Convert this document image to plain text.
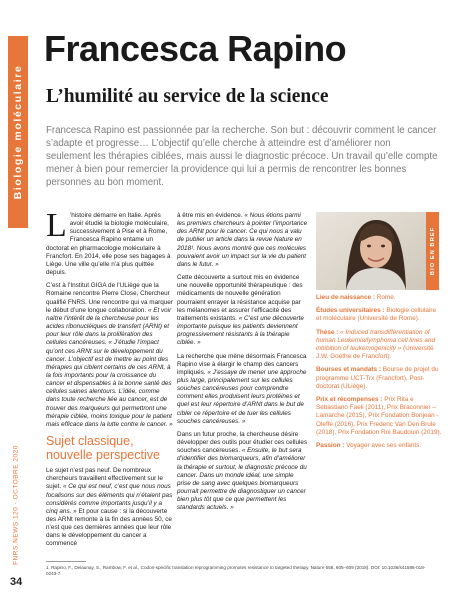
Biologie moléculaire
FNRS.NEWS 120 - OCTOBRE 2020
34
Francesca Rapino
L’humilité au service de la science

Francesca Rapino est passionnée par la recherche. Son but : découvrir comment le cancer s’adapte et progresse… L’objectif qu’elle cherche à atteindre est d’améliorer non seulement les thérapies ciblées, mais aussi le diagnostic précoce. Un travail qu’elle compte mener à bien pour remercier la providence qui lui a permis de rencontrer les bonnes personnes au bon moment.

L ’histoire démarre en Italie. Après avoir étudié la biologie moléculaire, successivement à Pise et à Rome, Francesca Rapino entame un doctorat en pharmacologie moléculaire à Francfort. En 2014, elle pose ses bagages à Liège. Une ville qu’elle n’a plus quittée depuis.

C’est à l’Institut GIGA de l’ULiège que la Romaine rencontre Pierre Close, Chercheur qualifié FNRS. Une rencontre qui va marquer le début d’une longue collaboration. « Et voir naître l’intérêt de la chercheuse pour les acides ribonucléiques de transfert (ARNt) et pour leur rôle dans la prolifération des cellules cancéreuses. « J’étudie l’impact qu’ont ces ARNt sur le développement du cancer. L’objectif est de mettre au point des thérapies qui ciblent certains de ces ARNt, à la fois importants pour la croissance du cancer et dispensables à la bonne santé des cellules saines alentours. L’idée, comme dans toute recherche liée au cancer, est de trouver des marqueurs qui permettront une thérapie ciblée, moins toxique pour le patient mais efficace dans la lutte contre le cancer. »

Sujet classique, nouvelle perspective

Le sujet n’est pas neuf. De nombreux chercheurs travaillent effectivement sur le sujet. « Ce qui est neuf, c’est que nous nous focalisons sur des éléments qui n’étaient pas considérés comme importants jusqu’il y a cinq ans. » Et pour cause : si la découverte des ARNt remonte à la fin des années 50, ce n’est que ces dernières années que leur rôle dans le développement du cancer a commencé

à être mis en évidence. « Nous étions parmi les premiers chercheurs à pointer l’importance des ARNt pour le cancer. Ce qui nous a valu de publier un article dans la revue Nature en 2018¹. Nous avons montré que ces molécules pouvaient avoir un impact sur la vie du patient dans le futur. »

Cette découverte a surtout mis en évidence une nouvelle opportunité thérapeutique : des médicaments de nouvelle génération pourraient enrayer la résistance acquise par les mélanomes et assurer l’efficacité des traitements existants. « C’est une découverte importante puisque les patients deviennent progressivement résistants à la thérapie ciblée. »

La recherche que mène désormais Francesca Rapino vise à élargir le champ des cancers impliqués. « J’essaye de mener une approche plus large, principalement sur les cellules souches cancéreuses pour comprendre comment elles produisent leurs protéines et quel est leur répertoire d’ARNt dans le but de cibler ce répertoire et de tuer les cellules souches cancéreuses. »

Dans un futur proche, la chercheuse désire développer des outils pour étudier ces cellules souches cancéreuses. « Ensuite, le but sera d’identifier des biomarqueurs, afin d’améliorer la thérapie et surtout, le diagnostic précoce du cancer. Dans un monde idéal, une simple prise de sang avec quelques biomarqueurs pourrait permettre de diagnostiquer un cancer bien plus tôt que ce que permettent les standards actuels. »

BIO EN BREF

Lieu de naissance : Rome.

Études universitaires : Biologie cellulaire et moléculaire (Université de Rome).

Thèse : « Induced transdifferentiation of human Leukemia/lymphoma cell lines and inhibition of leukemogenicity » (Université J.W. Goethe de Francfort).

Bourses et mandats : Bourse de projet du programme UCT-Trx (Francfort), Post-doctorat (ULiège).

Prix et récompenses : Prix Rita e Sebastiano Faeli (2011), Prix Braconnier – Lamarche (2015), Prix Fondation Bonjean - Oleffe (2016), Prix Frederic Van Den Brule (2018), Prix Fondation Roi Baudouin (2019).

Passion : Voyager avec ses enfants.

1. Rapino, F., Delaunay, S., Rambow, F. et al., Codon-specific translation reprogramming promotes resistance to targeted therapy. Nature 558, 605–609 (2018). DOI: 10.1038/s41586-018-0243-7.
